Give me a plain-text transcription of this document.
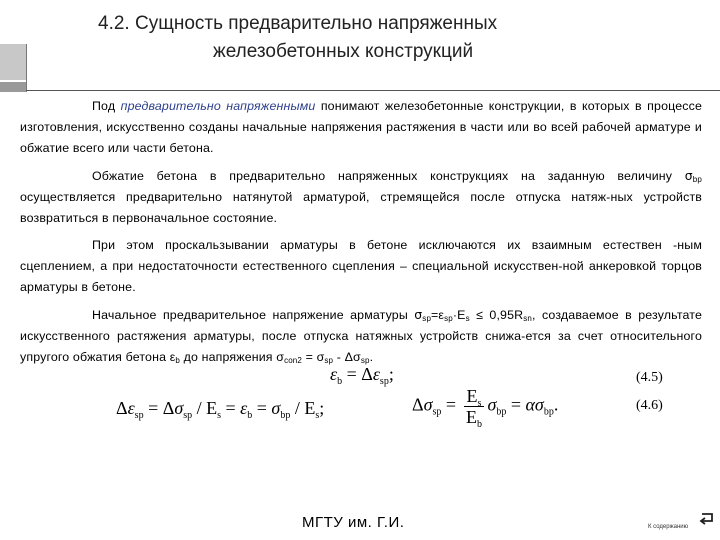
4.2. Сущность предварительно напряженных
железобетонных конструкций

Под предварительно напряженными понимают железобетонные конструкции, в которых в процессе изготовления, искусственно созданы начальные напряжения растяжения в части или во всей рабочей арматуре и обжатие всего или части бетона.

Обжатие бетона в предварительно напряженных конструкциях на заданную величину $\sigma_{bp}$ осуществляется предварительно натянутой арматурой, стремящейся после отпуска натяж-ных устройств возвратиться в первоначальное состояние.

При этом проскальзывании арматуры в бетоне исключаются их взаимным естествен -ным сцеплением, а при недостаточности естественного сцепления – специальной искусствен-ной анкеровкой торцов арматуры в бетоне.

Начальное предварительное напряжение арматуры $\sigma_{sp}=\varepsilon_{sp}\cdot E_s \le 0,95R_{sn}$, создаваемое в результате искусственного растяжения арматуры, после отпуска натяжных устройств снижа-ется за счет относительного упругого обжатия бетона $\varepsilon_b$ до напряжения $\sigma_{con2} = \sigma_{sp} - \Delta\sigma_{sp}$.

$\varepsilon_b = \Delta\varepsilon_{sp}$;	(4.5)
$\Delta\varepsilon_{sp} = \Delta\sigma_{sp} / E_s = \varepsilon_b = \sigma_{bp} / E_s$;	$\Delta\sigma_{sp} = \frac{E_s}{E_b} \sigma_{bp} = \alpha\sigma_{bp}$.	(4.6)
МГТУ им. Г.И.	К содержанию
